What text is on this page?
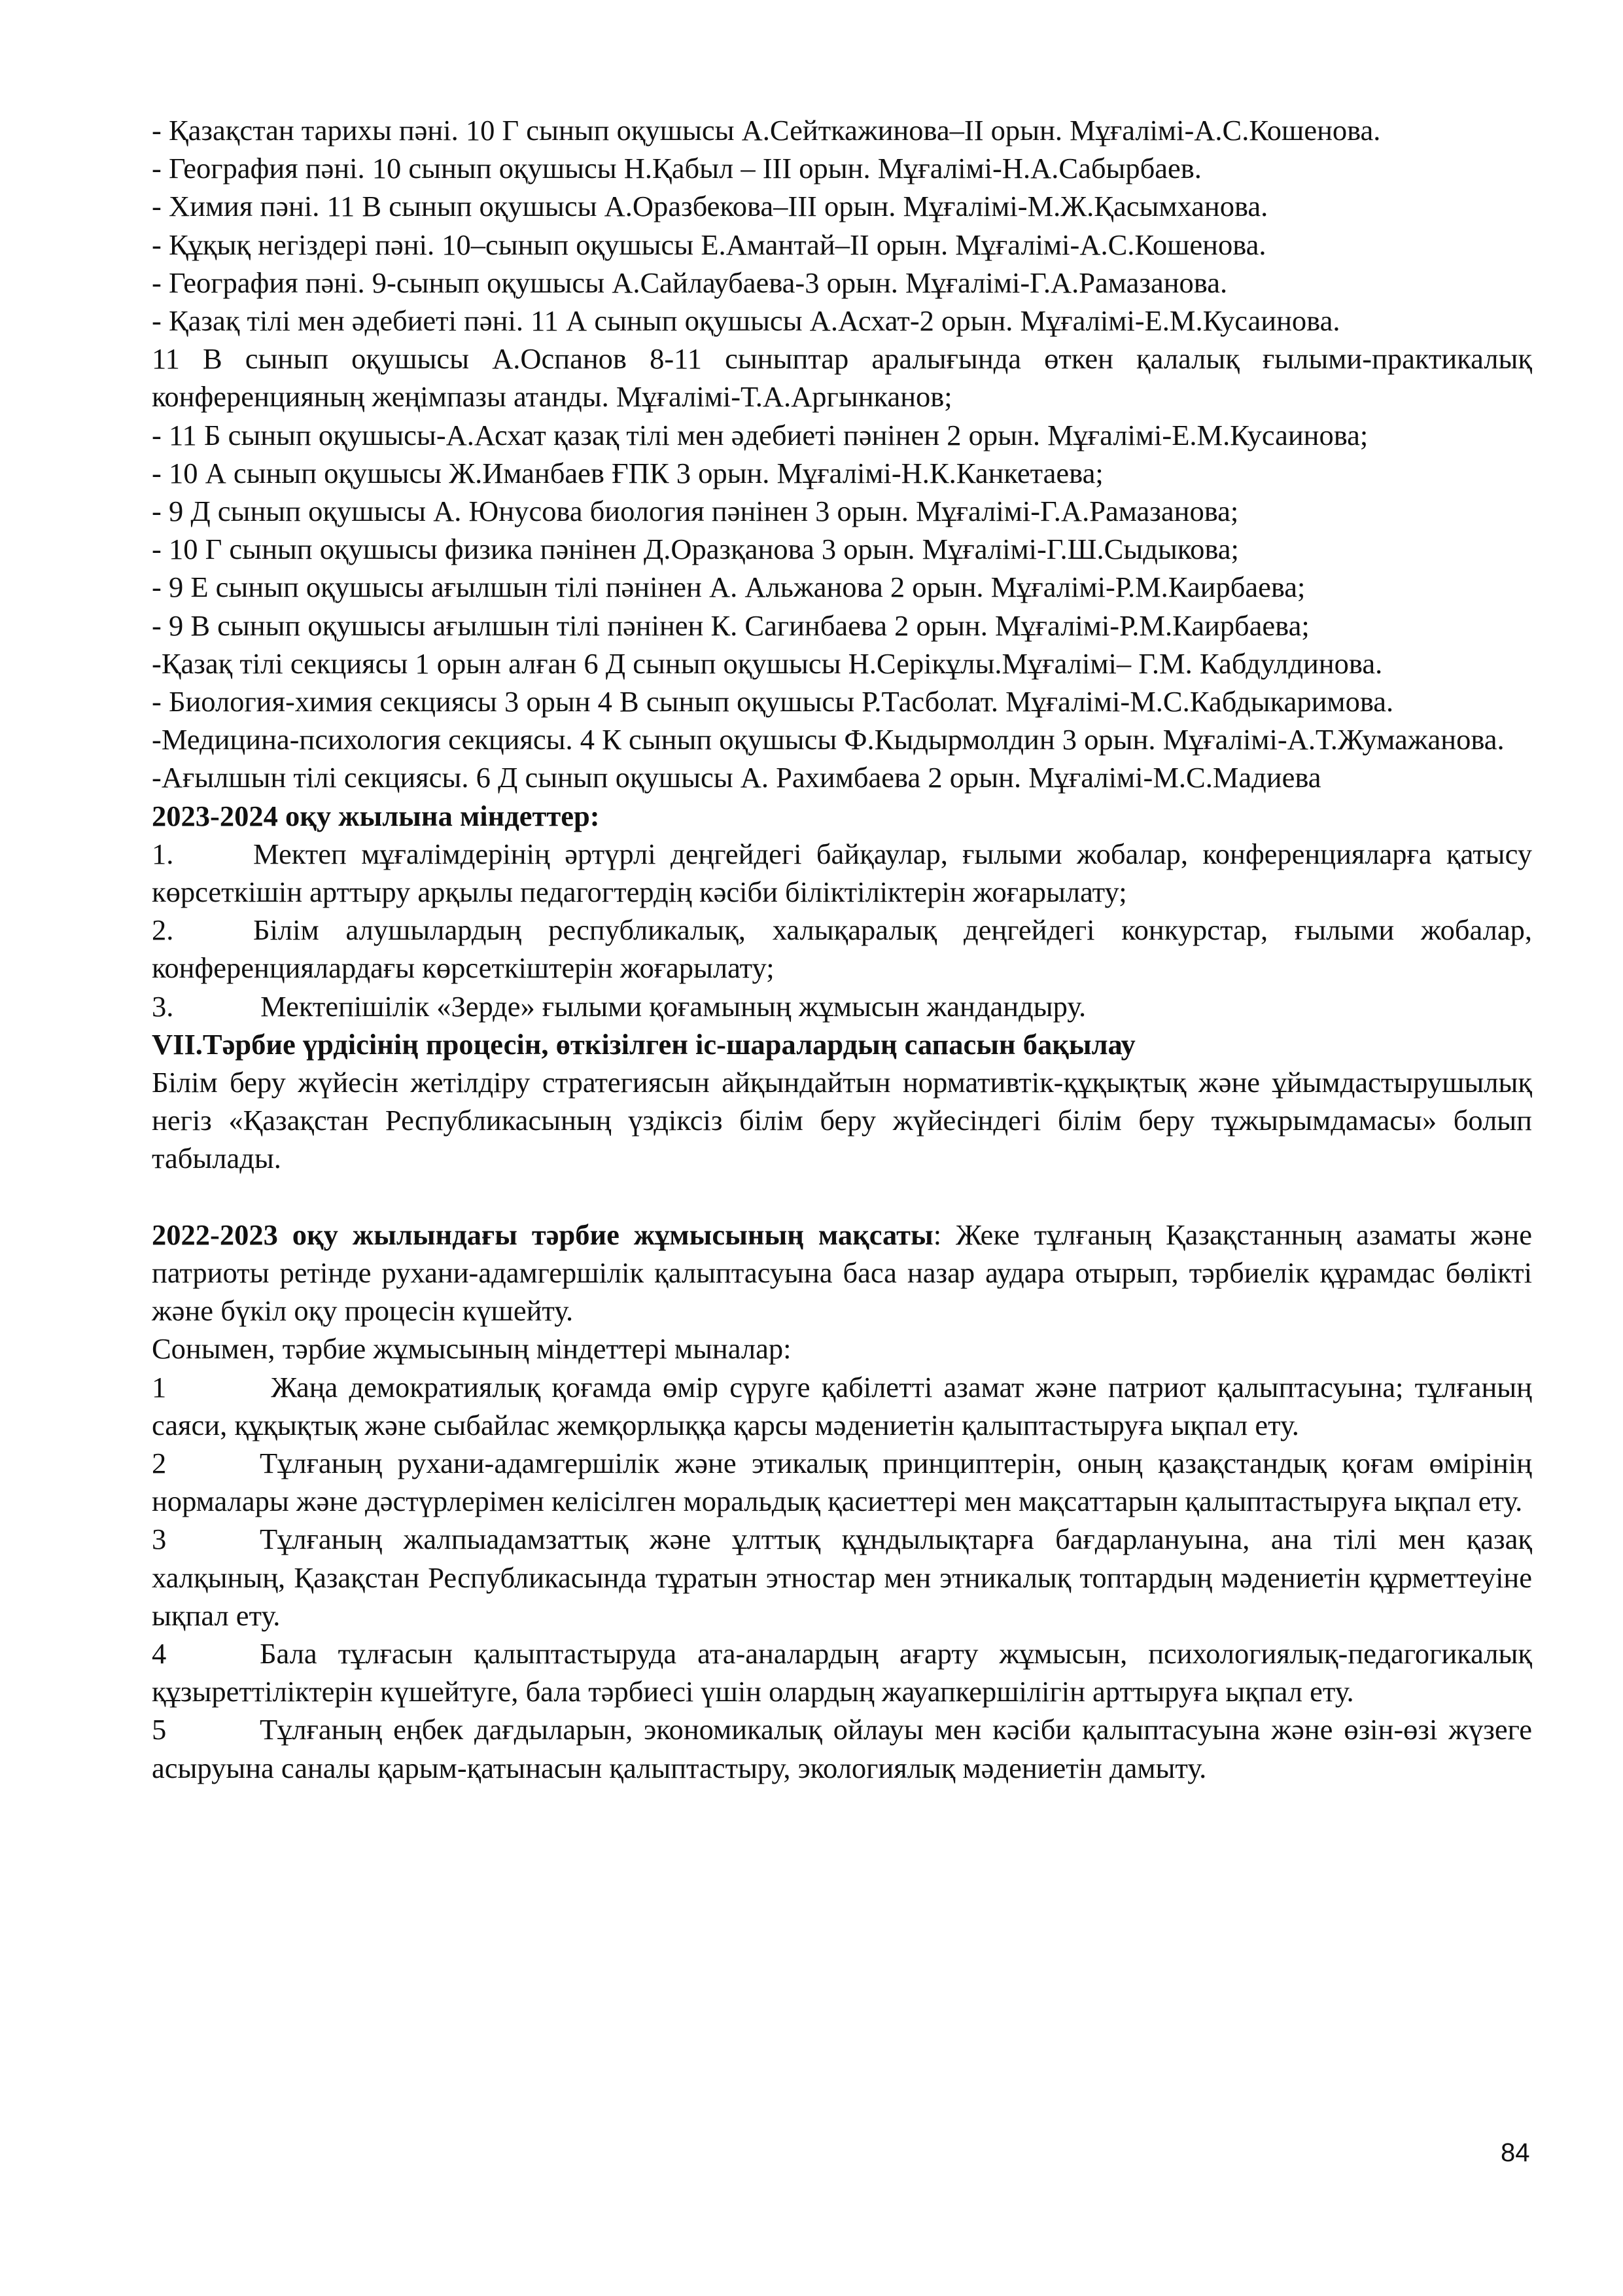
- Қазақстан тарихы пәні. 10 Г сынып оқушысы А.Сейткажинова–ІІ орын. Мұғалімі-А.С.Кошенова.

- География пәні. 10 сынып оқушысы Н.Қабыл – ІІІ орын. Мұғалімі-Н.А.Сабырбаев.

- Химия пәні. 11 В сынып оқушысы А.Оразбекова–ІІІ орын. Мұғалімі-М.Ж.Қасымханова.

- Құқық негіздері пәні. 10–сынып оқушысы Е.Амантай–ІІ орын. Мұғалімі-А.С.Кошенова.

- География пәні. 9-сынып оқушысы А.Сайлаубаева-3 орын. Мұғалімі-Г.А.Рамазанова.

- Қазақ тілі мен әдебиеті пәні. 11 А сынып оқушысы А.Асхат-2 орын. Мұғалімі-Е.М.Кусаинова.

11 В сынып оқушысы А.Оспанов 8-11 сыныптар аралығында өткен қалалық ғылыми-практикалық конференцияның жеңімпазы атанды. Мұғалімі-Т.А.Аргынканов;

- 11 Б сынып оқушысы-А.Асхат қазақ тілі мен әдебиеті пәнінен 2 орын. Мұғалімі-Е.М.Кусаинова;

- 10 А сынып оқушысы Ж.Иманбаев ҒПК 3 орын. Мұғалімі-Н.К.Канкетаева;

- 9 Д сынып оқушысы А. Юнусова биология пәнінен 3 орын. Мұғалімі-Г.А.Рамазанова;

- 10 Г сынып оқушысы физика пәнінен Д.Оразқанова 3 орын. Мұғалімі-Г.Ш.Сыдыкова;

- 9 Е сынып оқушысы ағылшын тілі пәнінен А. Альжанова 2 орын. Мұғалімі-Р.М.Каирбаева;

- 9 В сынып оқушысы ағылшын тілі пәнінен К. Сагинбаева 2 орын. Мұғалімі-Р.М.Каирбаева;

-Қазақ тілі секциясы 1 орын алған 6 Д сынып оқушысы Н.Серікұлы.Мұғалімі– Г.М. Кабдулдинова.

- Биология-химия секциясы 3 орын 4 В сынып оқушысы Р.Тасболат. Мұғалімі-М.С.Кабдыкаримова.

-Медицина-психология секциясы. 4 К сынып оқушысы Ф.Кыдырмолдин 3 орын. Мұғалімі-А.Т.Жумажанова.

-Ағылшын тілі секциясы. 6 Д сынып оқушысы А. Рахимбаева 2 орын. Мұғалімі-М.С.Мадиева

2023-2024 оқу жылына міндеттер:

1.	Мектеп мұғалімдерінің әртүрлі деңгейдегі байқаулар, ғылыми жобалар, конференцияларға қатысу көрсеткішін арттыру арқылы педагогтердің кәсіби біліктіліктерін жоғарылату;

2.	Білім алушылардың республикалық, халықаралық деңгейдегі конкурстар, ғылыми жобалар, конференциялардағы көрсеткіштерін жоғарылату;

3.	Мектепішілік «Зерде» ғылыми қоғамының жұмысын жандандыру.

VII.Тәрбие үрдісінің процесін, өткізілген іс-шаралардың сапасын бақылау

Білім беру жүйесін жетілдіру стратегиясын айқындайтын нормативтік-құқықтық және ұйымдастырушылық негіз «Қазақстан Республикасының үздіксіз білім беру жүйесіндегі білім беру тұжырымдамасы» болып табылады.

2022-2023 оқу жылындағы тәрбие жұмысының мақсаты: Жеке тұлғаның Қазақстанның азаматы және патриоты ретінде рухани-адамгершілік қалыптасуына баса назар аудара отырып, тәрбиелік құрамдас бөлікті және бүкіл оқу процесін күшейту.

Сонымен, тәрбие жұмысының міндеттері мыналар:

1	Жаңа демократиялық қоғамда өмір сүруге қабілетті азамат және патриот қалыптасуына; тұлғаның саяси, құқықтық және сыбайлас жемқорлыққа қарсы мәдениетін қалыптастыруға ықпал ету.

2	Тұлғаның рухани-адамгершілік және этикалық принциптерін, оның қазақстандық қоғам өмірінің нормалары және дәстүрлерімен келісілген моральдық қасиеттері мен мақсаттарын қалыптастыруға ықпал ету.

3	Тұлғаның жалпыадамзаттық және ұлттық құндылықтарға бағдарлануына, ана тілі мен қазақ халқының, Қазақстан Республикасында тұратын этностар мен этникалық топтардың мәдениетін құрметтеуіне ықпал ету.

4	Бала тұлғасын қалыптастыруда ата-аналардың ағарту жұмысын, психологиялық-педагогикалық құзыреттіліктерін күшейтуге, бала тәрбиесі үшін олардың жауапкершілігін арттыруға ықпал ету.

5	Тұлғаның еңбек дағдыларын, экономикалық ойлауы мен кәсіби қалыптасуына және өзін-өзі жүзеге асыруына саналы қарым-қатынасын қалыптастыру, экологиялық мәдениетін дамыту.

84
